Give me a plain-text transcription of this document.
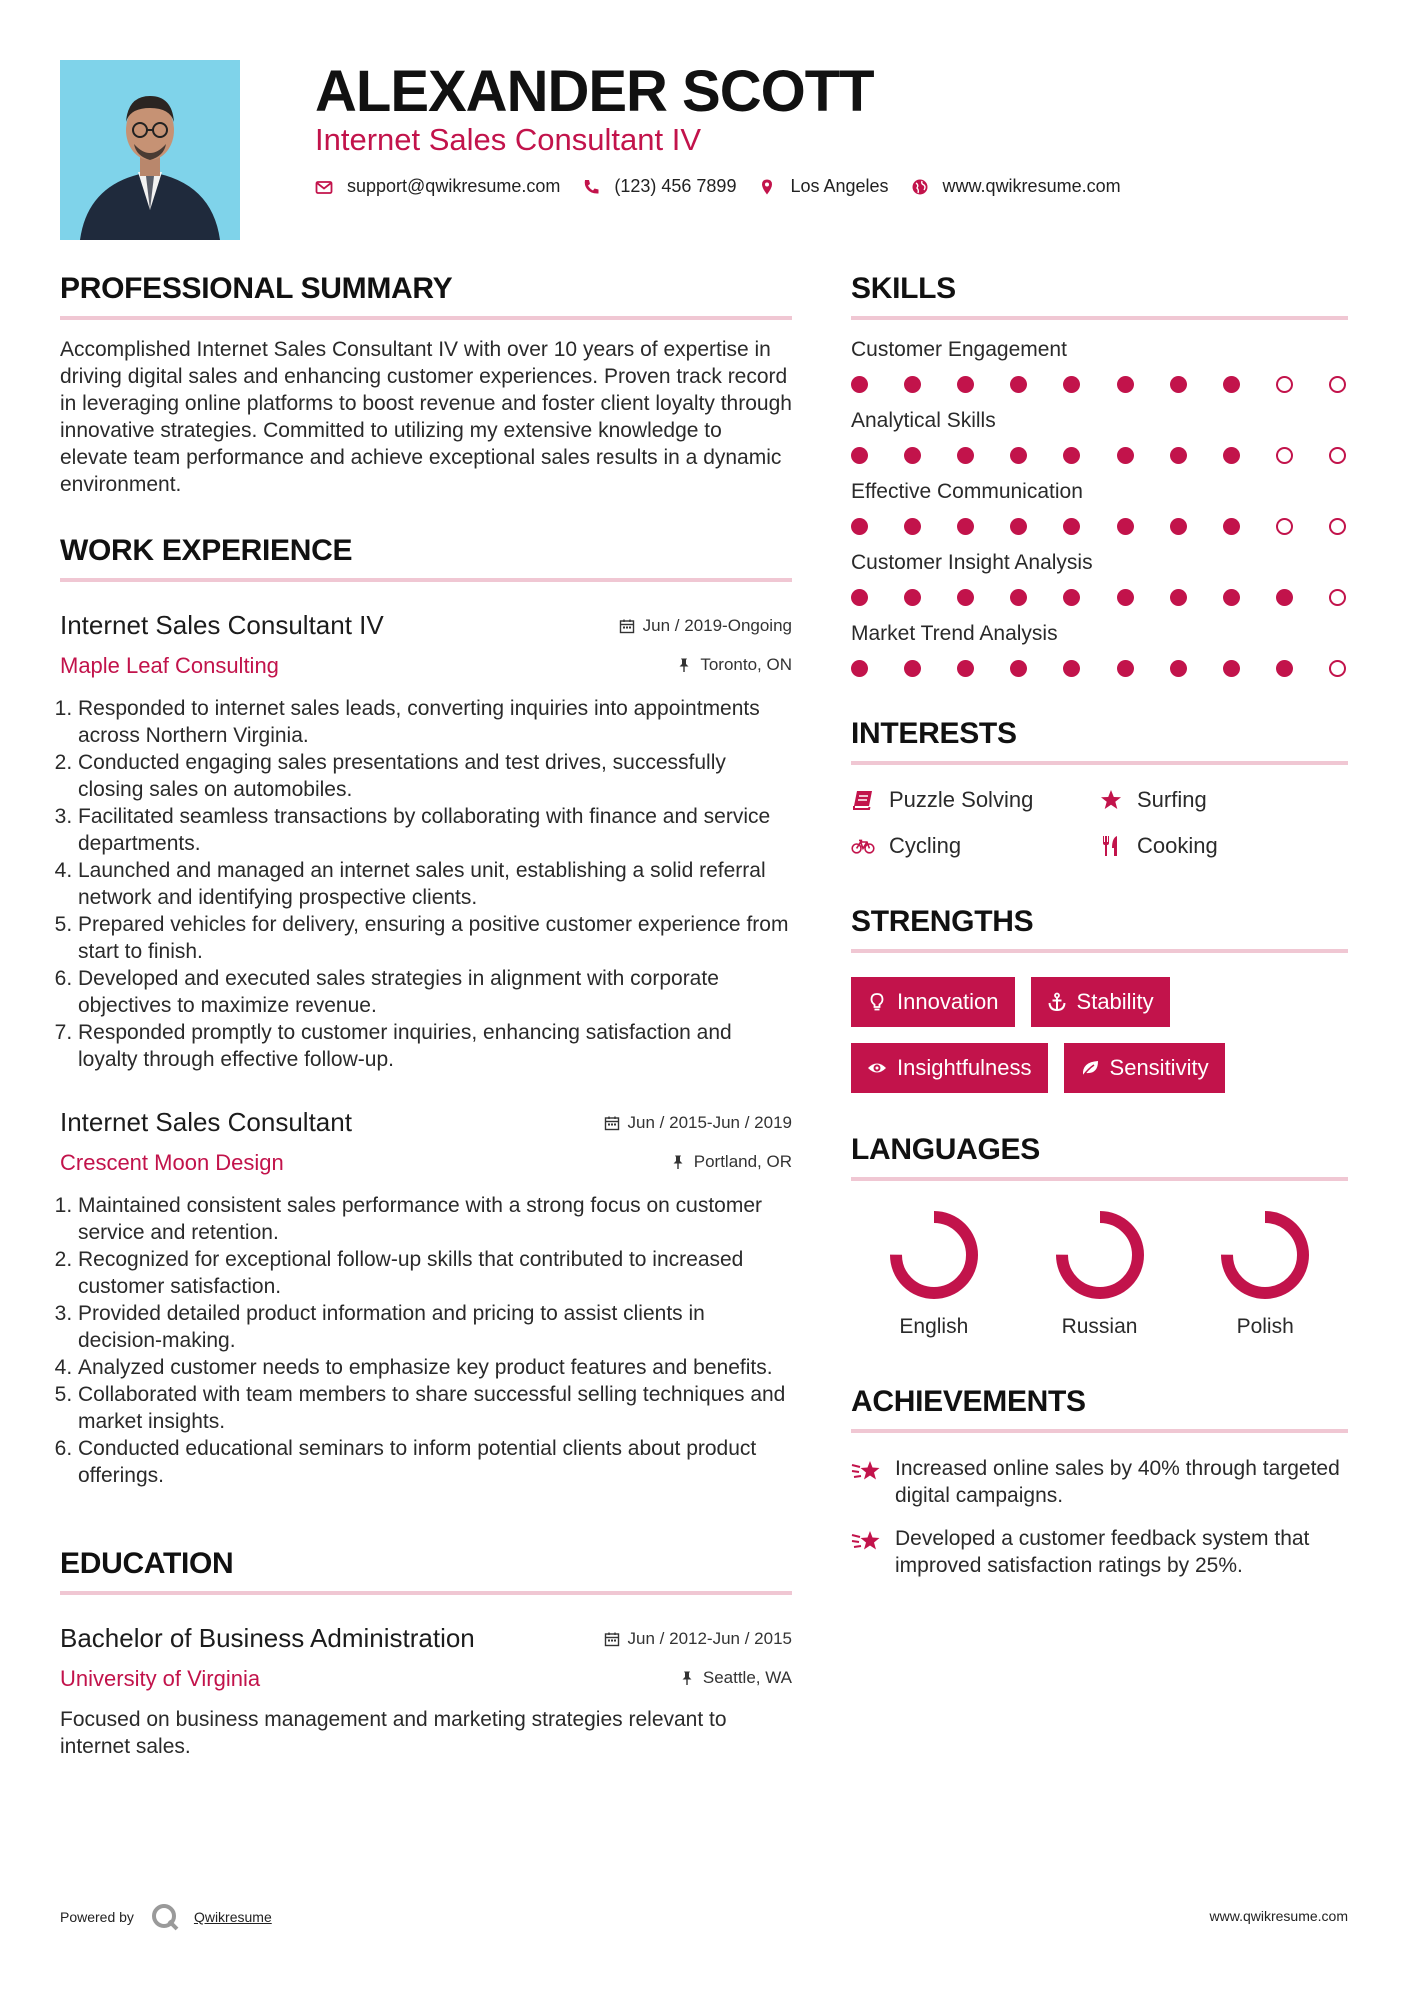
ALEXANDER SCOTT
Internet Sales Consultant IV
support@qwikresume.com	(123) 456 7899	Los Angeles	www.qwikresume.com
PROFESSIONAL SUMMARY

Accomplished Internet Sales Consultant IV with over 10 years of expertise in driving digital sales and enhancing customer experiences. Proven track record in leveraging online platforms to boost revenue and foster client loyalty through innovative strategies. Committed to utilizing my extensive knowledge to elevate team performance and achieve exceptional sales results in a dynamic environment.

WORK EXPERIENCE
Internet Sales Consultant IV	Jun / 2019-Ongoing
Maple Leaf Consulting	Toronto, ON
1. Responded to internet sales leads, converting inquiries into appointments across Northern Virginia.
2. Conducted engaging sales presentations and test drives, successfully closing sales on automobiles.
3. Facilitated seamless transactions by collaborating with finance and service departments.
4. Launched and managed an internet sales unit, establishing a solid referral network and identifying prospective clients.
5. Prepared vehicles for delivery, ensuring a positive customer experience from start to finish.
6. Developed and executed sales strategies in alignment with corporate objectives to maximize revenue.
7. Responded promptly to customer inquiries, enhancing satisfaction and loyalty through effective follow-up.
Internet Sales Consultant	Jun / 2015-Jun / 2019
Crescent Moon Design	Portland, OR
1. Maintained consistent sales performance with a strong focus on customer service and retention.
2. Recognized for exceptional follow-up skills that contributed to increased customer satisfaction.
3. Provided detailed product information and pricing to assist clients in decision-making.
4. Analyzed customer needs to emphasize key product features and benefits.
5. Collaborated with team members to share successful selling techniques and market insights.
6. Conducted educational seminars to inform potential clients about product offerings.
EDUCATION
Bachelor of Business Administration	Jun / 2012-Jun / 2015
University of Virginia	Seattle, WA

Focused on business management and marketing strategies relevant to internet sales.

SKILLS
Customer Engagement
Analytical Skills
Effective Communication
Customer Insight Analysis
Market Trend Analysis
INTERESTS
Puzzle Solving	Surfing
Cycling	Cooking
STRENGTHS
Innovation	Stability
Insightfulness	Sensitivity
LANGUAGES
English	Russian	Polish
ACHIEVEMENTS
Increased online sales by 40% through targeted digital campaigns.
Developed a customer feedback system that improved satisfaction ratings by 25%.
Powered by	Qwikresume	www.qwikresume.com
